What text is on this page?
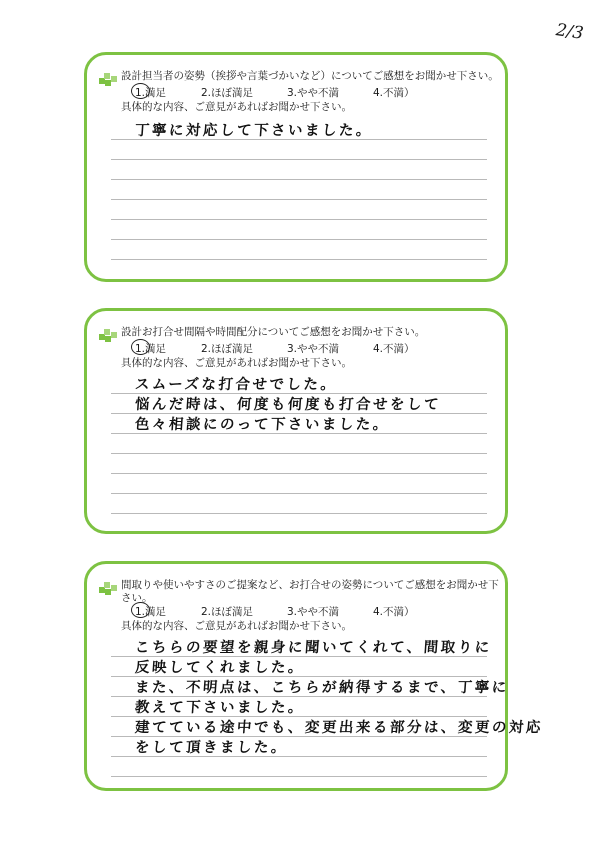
2/3
設計担当者の姿勢（挨拶や言葉づかいなど）についてご感想をお聞かせ下さい。
1.満足	2.ほぼ満足	3.やや不満	4.不満）
具体的な内容、ご意見があればお聞かせ下さい。
丁寧に対応して下さいました。
設計お打合せ間隔や時間配分についてご感想をお聞かせ下さい。
1.満足	2.ほぼ満足	3.やや不満	4.不満）
具体的な内容、ご意見があればお聞かせ下さい。
スムーズな打合せでした。
悩んだ時は、何度も何度も打合せをして
色々相談にのって下さいました。
間取りや使いやすさのご提案など、お打合せの姿勢についてご感想をお聞かせ下さい。
1.満足	2.ほぼ満足	3.やや不満	4.不満）
具体的な内容、ご意見があればお聞かせ下さい。
こちらの要望を親身に聞いてくれて、間取りに
反映してくれました。
また、不明点は、こちらが納得するまで、丁寧に
教えて下さいました。
建てている途中でも、変更出来る部分は、変更の対応
をして頂きました。
